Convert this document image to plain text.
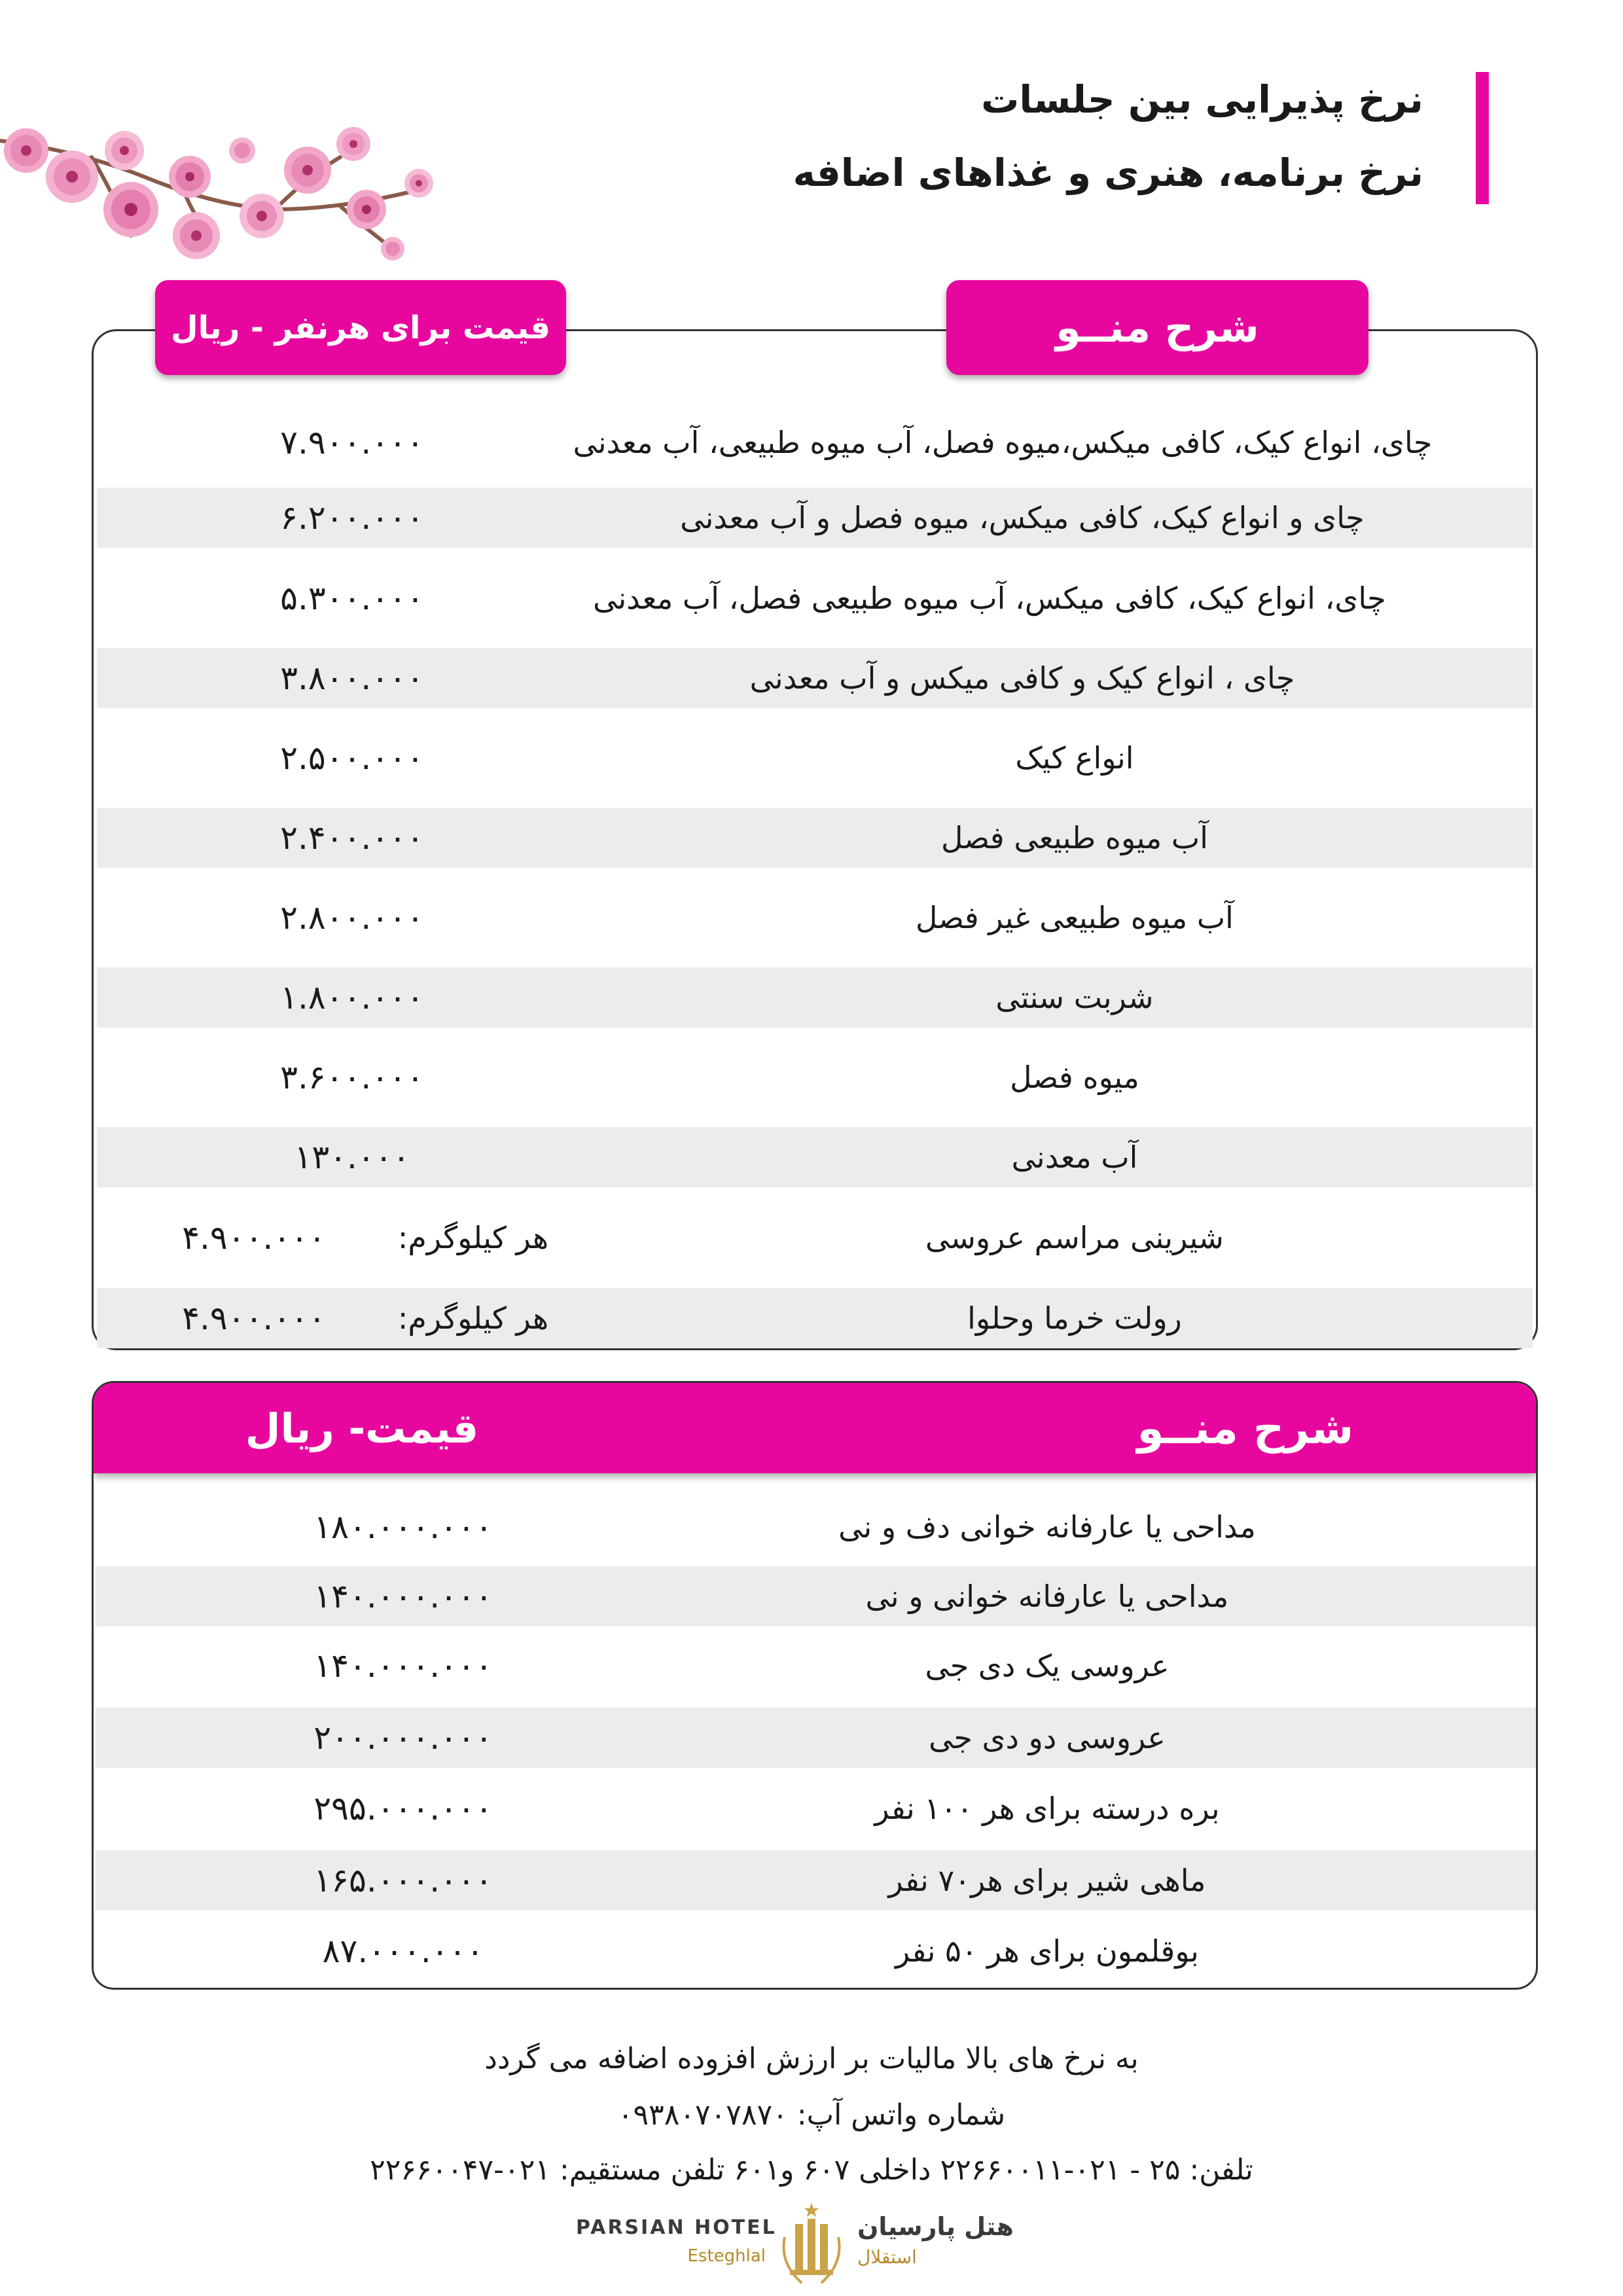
نرخ پذیرایی بین جلسات
نرخ برنامه، هنری و غذاهای اضافه
چای، انواع کیک، کافی میکس،میوه فصل، آب میوه طبیعی، آب معدنی
۷.۹۰۰.۰۰۰
چای و انواع کیک، کافی میکس، میوه فصل و آب معدنی
۶.۲۰۰.۰۰۰
چای، انواع کیک، کافی میکس، آب میوه طبیعی فصل، آب معدنی
۵.۳۰۰.۰۰۰
چای ، انواع کیک و کافی میکس و آب معدنی
۳.۸۰۰.۰۰۰
انواع کیک
۲.۵۰۰.۰۰۰
آب میوه طبیعی فصل
۲.۴۰۰.۰۰۰
آب میوه طبیعی غیر فصل
۲.۸۰۰.۰۰۰
شربت سنتی
۱.۸۰۰.۰۰۰
میوه فصل
۳.۶۰۰.۰۰۰
آب معدنی
۱۳۰.۰۰۰
شیرینی مراسم عروسی
هر کیلوگرم:
۴.۹۰۰.۰۰۰
رولت خرما وحلوا
هر کیلوگرم:
۴.۹۰۰.۰۰۰
شرح منــو
قیمت برای هرنفر - ریال
شرح منــو
قیمت- ریال
مداحی یا عارفانه خوانی دف و نی
۱۸۰.۰۰۰.۰۰۰
مداحی یا عارفانه خوانی و نی
۱۴۰.۰۰۰.۰۰۰
عروسی یک دی جی
۱۴۰.۰۰۰.۰۰۰
عروسی دو دی جی
۲۰۰.۰۰۰.۰۰۰
بره درسته برای هر ۱۰۰ نفر
۲۹۵.۰۰۰.۰۰۰
ماهی شیر برای هر۷۰ نفر
۱۶۵.۰۰۰.۰۰۰
بوقلمون برای هر ۵۰ نفر
۸۷.۰۰۰.۰۰۰
به نرخ های بالا مالیات بر ارزش افزوده اضافه می گردد
شماره واتس آپ: ۰۹۳۸۰۷۰۷۸۷۰
تلفن: ۲۵ - ۰۲۱-۲۲۶۶۰۰۱۱ داخلی ۶۰۷ و۶۰۱ تلفن مستقیم: ۰۲۱-۲۲۶۶۰۰۴۷
PARSIAN HOTEL
Esteghlal
هتل پارسیان
استقلال
